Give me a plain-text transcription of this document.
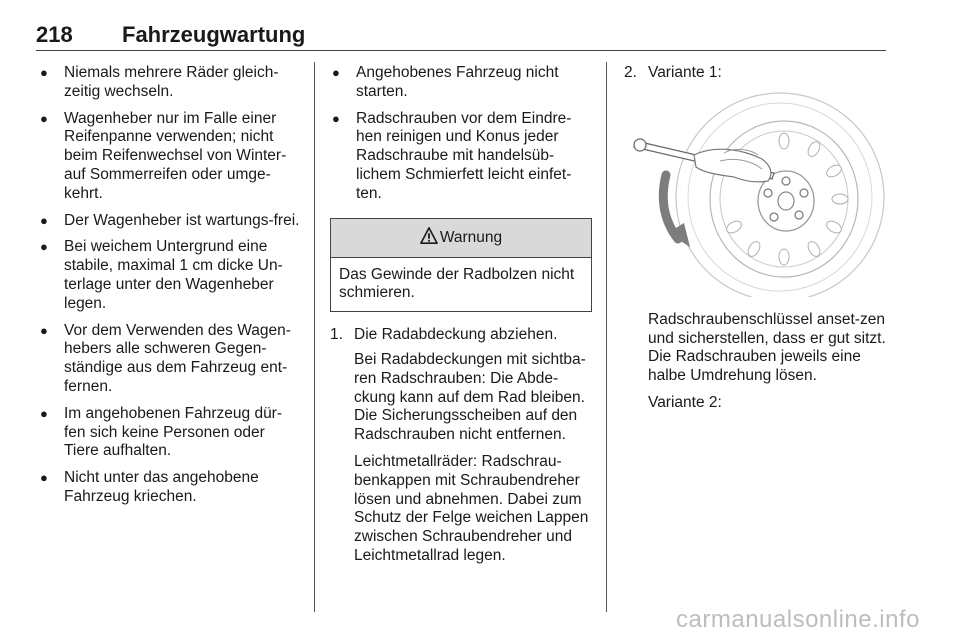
218 Fahrzeugwartung
● Niemals mehrere Räder gleich-zeitig wechseln.
● Wagenheber nur im Falle einer Reifenpanne verwenden; nicht beim Reifenwechsel von Winter- auf Sommerreifen oder umge-kehrt.
● Der Wagenheber ist wartungs-frei.
● Bei weichem Untergrund eine stabile, maximal 1 cm dicke Un-terlage unter den Wagenheber legen.
● Vor dem Verwenden des Wagen-hebers alle schweren Gegen-ständige aus dem Fahrzeug ent-fernen.
● Im angehobenen Fahrzeug dür-fen sich keine Personen oder Tiere aufhalten.
● Nicht unter das angehobene Fahrzeug kriechen.
● Angehobenes Fahrzeug nicht starten.
● Radschrauben vor dem Eindre-hen reinigen und Konus jeder Radschraube mit handelsüb-lichem Schmierfett leicht einfet-ten.
Warnung
Das Gewinde der Radbolzen nicht schmieren.
1. Die Radabdeckung abziehen.

Bei Radabdeckungen mit sichtba-ren Radschrauben: Die Abde-ckung kann auf dem Rad bleiben. Die Sicherungsscheiben auf den Radschrauben nicht entfernen.

Leichtmetallräder: Radschrau-benkappen mit Schraubendreher lösen und abnehmen. Dabei zum Schutz der Felge weichen Lappen zwischen Schraubendreher und Leichtmetallrad legen.

2. Variante 1:

Radschraubenschlüssel anset-zen und sicherstellen, dass er gut sitzt. Die Radschrauben jeweils eine halbe Umdrehung lösen.

Variante 2:

carmanualsonline.info
